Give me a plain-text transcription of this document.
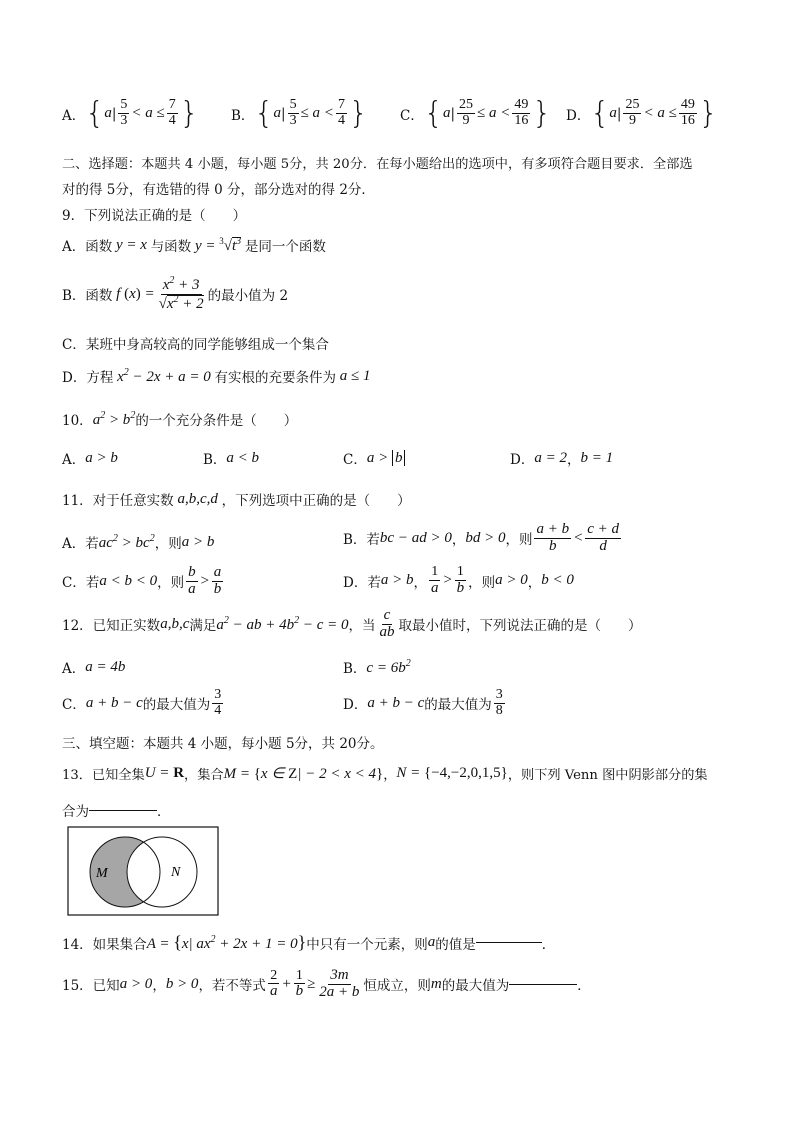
A． { a | $\frac{5}{3} < a \le \frac{7}{4}$ } B． { a | $\frac{5}{3} \le a < \frac{7}{4}$ } C． { a | $\frac{25}{9} \le a < \frac{49}{16}$ } D． { a | $\frac{25}{9} < a \le \frac{49}{16}$ }
二、选择题：本题共 4 小题，每小题 5分，共 20分．在每小题给出的选项中，有多项符合题目要求．全部选
对的得 5分，有选错的得 0 分，部分选对的得 2分．
9．下列说法正确的是（　　）
A．函数 y = x 与函数 $y = ^3√t^3$ 是同一个函数
B．函数 f $(x) = \frac{x^2 + 3}{√x^2 + 2}$ 的最小值为 2
C．某班中身高较高的同学能够组成一个集合
D．方程 $x^2 - 2x + a = 0$ 有实根的充要条件为 a ≤ 1
10． $a^2 > b^2$ 的一个充分条件是（　　）
A． a > b	B． a < b	C． a > b	D． a = 2 ， b = 1
11．对于任意实数 a,b,c,d ，下列选项中正确的是（　　）
A．若 $ac^2 > bc^2$ ，则 a > b	B．若 bc − ad > 0 ， bd > 0 ，则 $\frac{a + b}{b} < \frac{c + d}{d}$
C．若 a < b < 0 ，则 $\frac{b}{a} > \frac{a}{b}$	D．若 a > b ， $\frac{1}{a} > \frac{1}{b}$ ，则 a > 0 ， b < 0
12．已知正实数 a,b,c 满足 $a^2$ − ab + $4b^2 - c = 0$ ，当 $\frac{c}{ab}$ 取最小值时，下列说法正确的是（　　）
A． a = 4b	B． $c = 6b^2$
C． a + b − c 的最大值为 $\frac{3}{4}$	D． a + b − c 的最大值为 $\frac{3}{8}$
三、填空题：本题共 4 小题，每小题 5分，共 20分。
13．已知全集 U = R ，集合 M = {x ∈ Z| − 2 < x < 4} ， N = {−4,−2,0,1,5} ，则下列 Venn 图中阴影部分的集
合为	．
M	N
14．如果集合 A = {x| $ax^2 + 2x + 1 = 0$} 中只有一个元素，则 a 的值是	．
15．已知 a > 0 ， b > 0 ，若不等式 $\frac{2}{a} + \frac{1}{b} \ge \frac{3m}{2a + b}$ 恒成立，则 m 的最大值为	．
